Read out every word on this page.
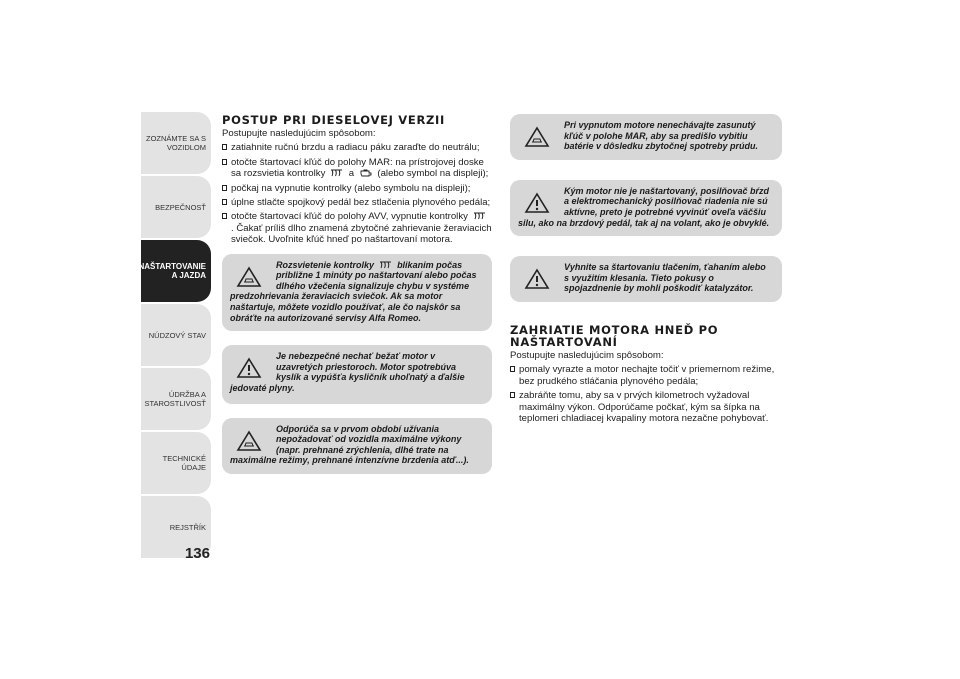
ZOZNÁMTE SA S
VOZIDLOM
BEZPEČNOSŤ
NAŠTARTOVANIE
A JAZDA
NÚDZOVÝ STAV
ÚDRŽBA A
STAROSTLIVOSŤ
TECHNICKÉ ÚDAJE
REJSTŘÍK
136
POSTUP PRI DIESELOVEJ VERZII

Postupujte nasledujúcim spôsobom:

zatiahnite ručnú brzdu a radiacu páku zaraďte do neutrálu;
otočte štartovací kľúč do polohy MAR: na prístrojovej doske sa rozsvietia kontrolky a (alebo symbol na displeji);
počkaj na vypnutie kontrolky (alebo symbolu na displeji);
úplne stlačte spojkový pedál bez stlačenia plynového pedála;
otočte štartovací kľúč do polohy AVV, vypnutie kontrolky  . Čakať príliš dlho znamená zbytočné zahrievanie žeraviacich sviečok. Uvoľnite kľúč hneď po naštartovaní motora.
Rozsvietenie kontrolky	blikanim počas približne 1 minúty po naštartovaní alebo počas dlhého vžečenia signalizuje chybu v systéme predzohrievania žeraviacich sviečok. Ak sa motor naštartuje, môžete vozidlo používať, ale čo najskôr sa obráťte na autorizované servisy Alfa Romeo.
Je nebezpečné nechať bežať motor v uzavretých priestoroch. Motor spotrebúva kyslík a vypúšťa kysličník uhoľnatý a ďalšie jedovaté plyny.
Odporúča sa v prvom období užívania nepožadovať od vozidla maximálne výkony (napr. prehnané zrýchlenia, dlhé trate na maximálne režimy, prehnané intenzívne brzdenia atď...).
Pri vypnutom motore nenechávajte zasunutý kľúč v polohe MAR, aby sa predišlo vybitiu batérie v dôsledku zbytočnej spotreby prúdu.
Kým motor nie je naštartovaný, posilňovač bŕzd a elektromechanický posilňovač riadenia nie sú aktívne, preto je potrebné vyvinúť oveľa väčšiu silu, ako na brzdový pedál, tak aj na volant, ako je obvyklé.
Vyhnite sa štartovaniu tlačením, ťahaním alebo s využitím klesania. Tieto pokusy o spojazdnenie by mohli poškodiť katalyzátor.
ZAHRIATIE MOTORA HNEĎ PO NAŠTARTOVANÍ

Postupujte nasledujúcim spôsobom:

pomaly vyrazte a motor nechajte točiť v priemernom režime, bez prudkého stláčania plynového pedála;
zabráňte tomu, aby sa v prvých kilometroch vyžadoval maximálny výkon. Odporúčame počkať, kým sa šípka na teplomeri chladiacej kvapaliny motora nezačne pohybovať.
